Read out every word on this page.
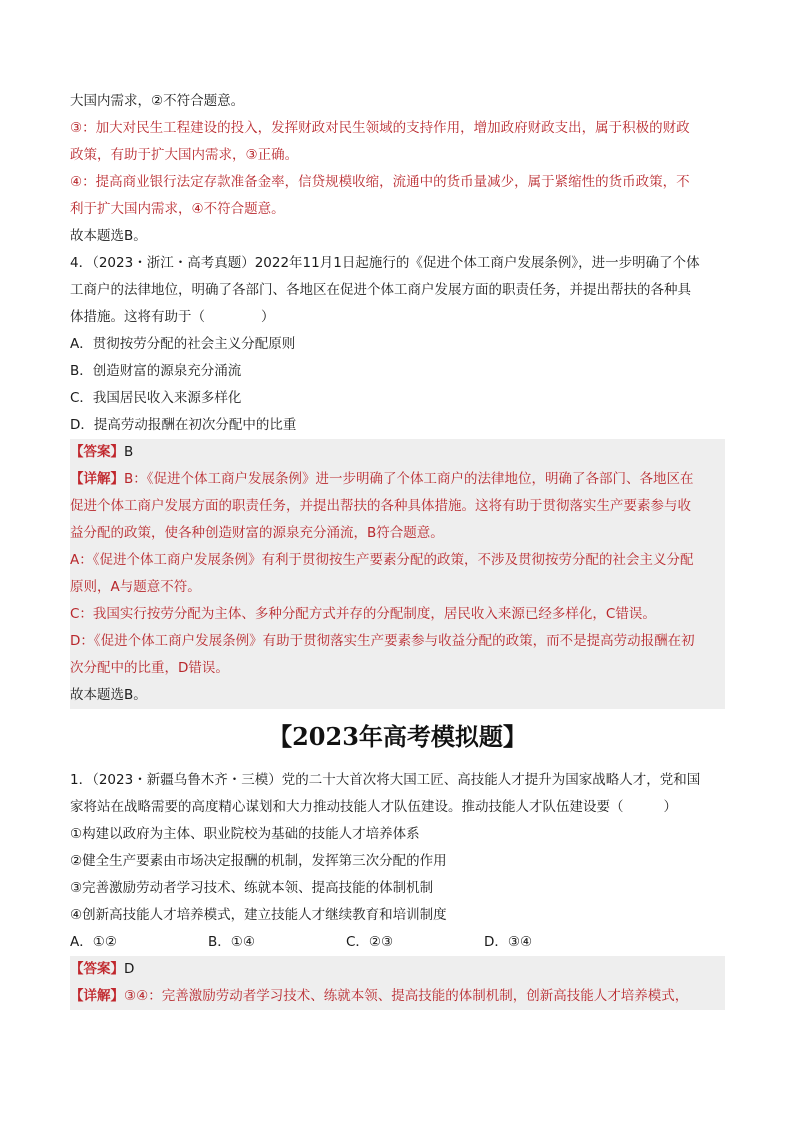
大国内需求，②不符合题意。
③：加大对民生工程建设的投入，发挥财政对民生领域的支持作用，增加政府财政支出，属于积极的财政
政策，有助于扩大国内需求，③正确。
④：提高商业银行法定存款准备金率，信贷规模收缩，流通中的货币量减少，属于紧缩性的货币政策，不
利于扩大国内需求，④不符合题意。
故本题选B。
4．（2023・浙江・高考真题）2022年11月1日起施行的《促进个体工商户发展条例》，进一步明确了个体
工商户的法律地位，明确了各部门、各地区在促进个体工商户发展方面的职责任务，并提出帮扶的各种具
体措施。这将有助于（	）
A．贯彻按劳分配的社会主义分配原则
B．创造财富的源泉充分涌流
C．我国居民收入来源多样化
D．提高劳动报酬在初次分配中的比重
【答案】B
【详解】B：《促进个体工商户发展条例》进一步明确了个体工商户的法律地位，明确了各部门、各地区在
促进个体工商户发展方面的职责任务，并提出帮扶的各种具体措施。这将有助于贯彻落实生产要素参与收
益分配的政策，使各种创造财富的源泉充分涌流，B符合题意。
A：《促进个体工商户发展条例》有利于贯彻按生产要素分配的政策，不涉及贯彻按劳分配的社会主义分配
原则，A与题意不符。
C：我国实行按劳分配为主体、多种分配方式并存的分配制度，居民收入来源已经多样化，C错误。
D：《促进个体工商户发展条例》有助于贯彻落实生产要素参与收益分配的政策，而不是提高劳动报酬在初
次分配中的比重，D错误。
故本题选B。
【2023年高考模拟题】
1．（2023・新疆乌鲁木齐・三模）党的二十大首次将大国工匠、高技能人才提升为国家战略人才，党和国
家将站在战略需要的高度精心谋划和大力推动技能人才队伍建设。推动技能人才队伍建设要（	）
①构建以政府为主体、职业院校为基础的技能人才培养体系
②健全生产要素由市场决定报酬的机制，发挥第三次分配的作用
③完善激励劳动者学习技术、练就本领、提高技能的体制机制
④创新高技能人才培养模式，建立技能人才继续教育和培训制度
A．①②	B．①④	C．②③	D．③④
【答案】D
【详解】③④：完善激励劳动者学习技术、练就本领、提高技能的体制机制，创新高技能人才培养模式，
